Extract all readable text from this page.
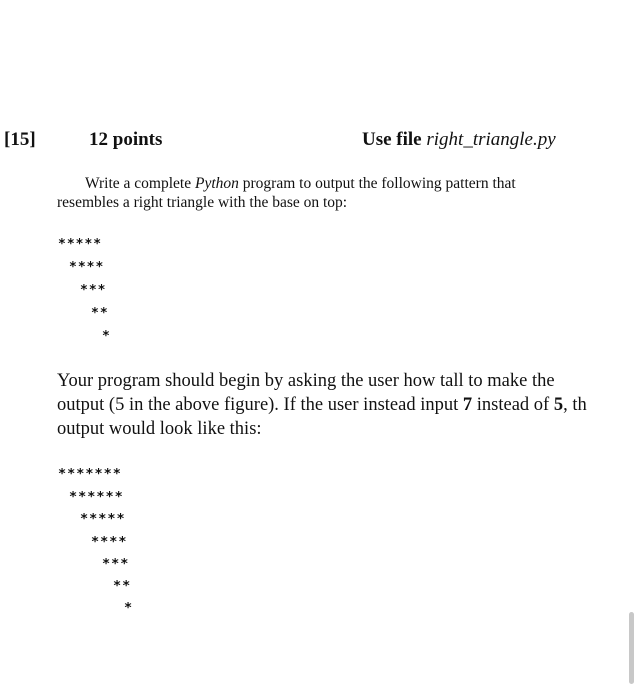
[15]	12 points	Use file right_triangle.py
Write a complete Python program to output the following pattern that
resembles a right triangle with the base on top:
*****
****
***
**
*
Your program should begin by asking the user how tall to make the
output (5 in the above figure). If the user instead input 7 instead of 5, th
output would look like this:
*******
******
*****
****
***
**
*
